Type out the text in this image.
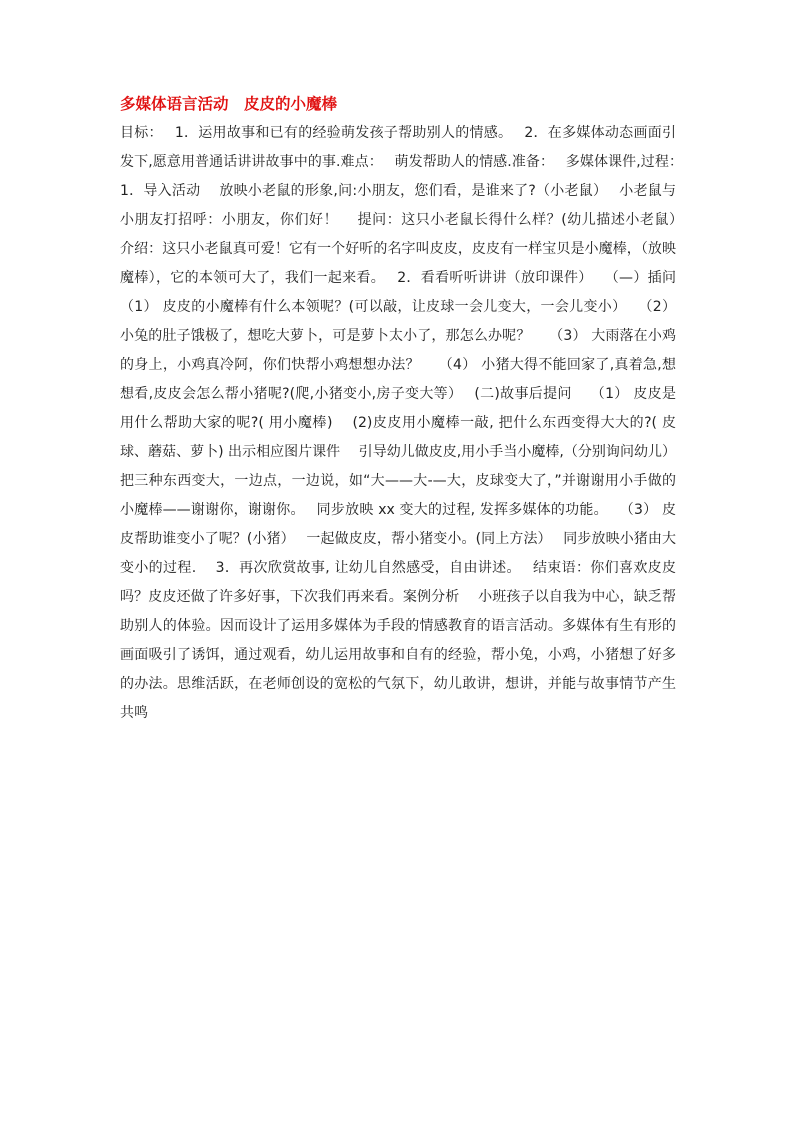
多媒体语言活动　皮皮的小魔棒

目标：　 1．运用故事和已有的经验萌发孩子帮助别人的情感。　 2．在多媒体动态画面引发下,愿意用普通话讲讲故事中的事.难点：　 萌发帮助人的情感.准备：　 多媒体课件,过程：　 1．导入活动　 放映小老鼠的形象,问:小朋友，您们看，是谁来了?（小老鼠）　 小老鼠与小朋友打招呼：小朋友，你们好！　 提问：这只小老鼠长得什么样？(幼儿描述小老鼠）　 介绍：这只小老鼠真可爱！它有一个好听的名字叫皮皮，皮皮有一样宝贝是小魔棒，（放映魔棒），它的本领可大了，我们一起来看。　 2．看看听听讲讲（放印课件）　 （—）插问　 （1） 皮皮的小魔棒有什么本领呢？(可以敲，让皮球一会儿变大，一会儿变小）　 （2）小兔的肚子饿极了，想吃大萝卜，可是萝卜太小了，那怎么办呢？　 （3） 大雨落在小鸡的身上，小鸡真冷阿，你们快帮小鸡想想办法？　 （4） 小猪大得不能回家了,真着急,想想看,皮皮会怎么帮小猪呢?(爬,小猪变小,房子变大等）　 (二)故事后提问　 （1） 皮皮是用什么帮助大家的呢?( 用小魔棒)　 (2)皮皮用小魔棒一敲, 把什么东西变得大大的?( 皮球、蘑菇、萝卜) 出示相应图片课件　 引导幼儿做皮皮,用小手当小魔棒,（分别询问幼儿）把三种东西变大，一边点，一边说，如“大——大-—大，皮球变大了，”并谢谢用小手做的小魔棒——谢谢你，谢谢你。　 同步放映 xx 变大的过程, 发挥多媒体的功能。　 （3） 皮皮帮助谁变小了呢？(小猪）　 一起做皮皮，帮小猪变小。(同上方法）　 同步放映小猪由大变小的过程.　 3．再次欣赏故事, 让幼儿自然感受，自由讲述。　 结束语：你们喜欢皮皮吗？皮皮还做了许多好事，下次我们再来看。案例分析　 小班孩子以自我为中心，缺乏帮助别人的体验。因而设计了运用多媒体为手段的情感教育的语言活动。多媒体有生有形的画面吸引了诱饵，通过观看，幼儿运用故事和自有的经验，帮小兔，小鸡，小猪想了好多的办法。思维活跃，在老师创设的宽松的气氛下，幼儿敢讲，想讲，并能与故事情节产生共鸣
